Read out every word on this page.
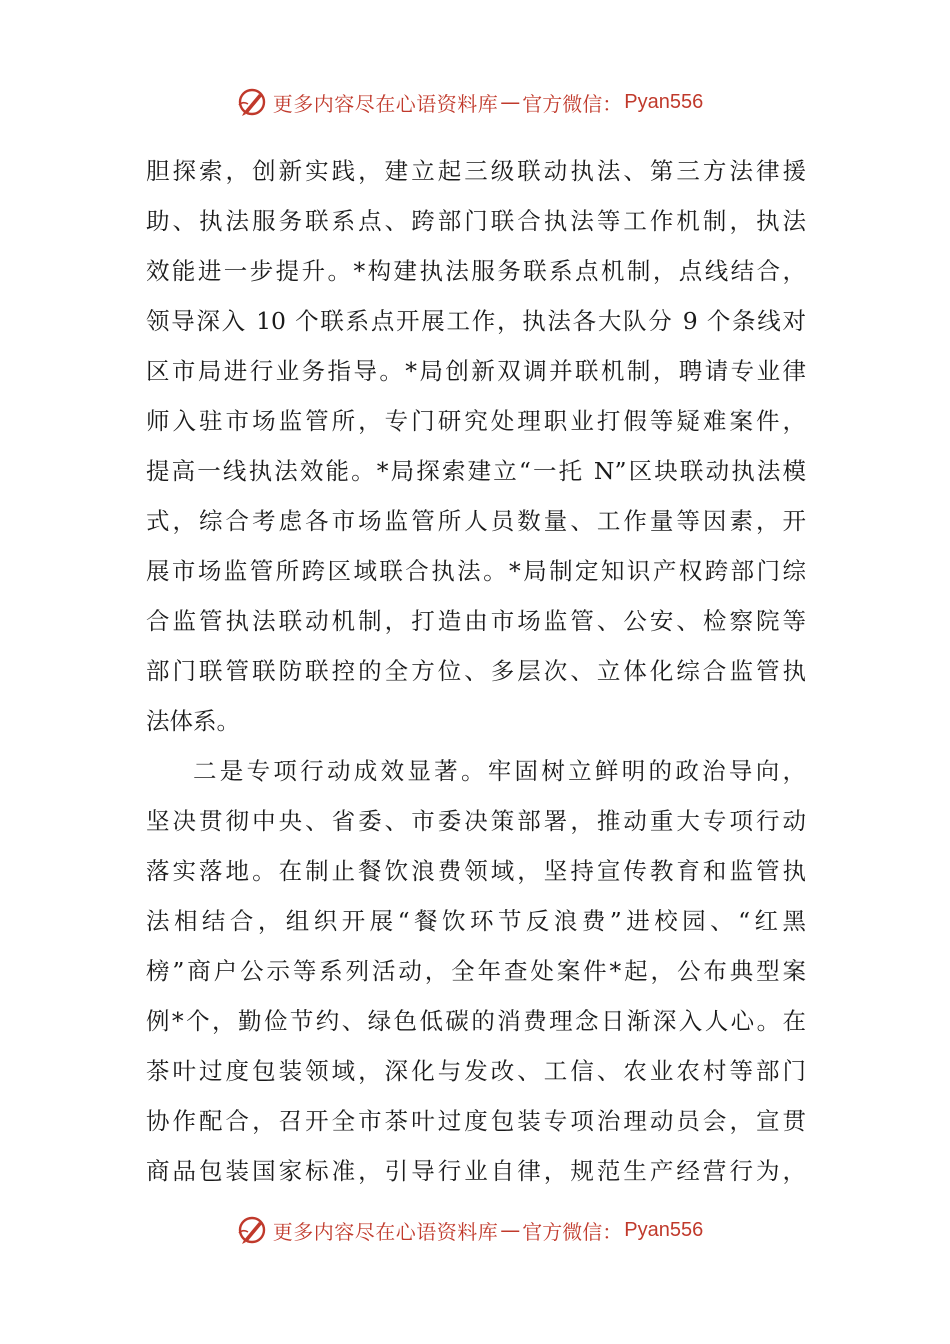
更多内容尽在心语资料库 — 官方微信： Pyan556
胆探索，创新实践，建立起三级联动执法、第三方法律援
助、执法服务联系点、跨部门联合执法等工作机制，执法
效能进一步提升。*构建执法服务联系点机制，点线结合，
领导深入 10 个联系点开展工作，执法各大队分 9 个条线对
区市局进行业务指导。*局创新双调并联机制，聘请专业律
师入驻市场监管所，专门研究处理职业打假等疑难案件，
提高一线执法效能。*局探索建立“一托 N”区块联动执法模
式，综合考虑各市场监管所人员数量、工作量等因素，开
展市场监管所跨区域联合执法。*局制定知识产权跨部门综
合监管执法联动机制，打造由市场监管、公安、检察院等
部门联管联防联控的全方位、多层次、立体化综合监管执
法体系。
二是专项行动成效显著。牢固树立鲜明的政治导向，
坚决贯彻中央、省委、市委决策部署，推动重大专项行动
落实落地。在制止餐饮浪费领域，坚持宣传教育和监管执
法相结合，组织开展“餐饮环节反浪费”进校园、“红黑
榜”商户公示等系列活动，全年查处案件*起，公布典型案
例*个，勤俭节约、绿色低碳的消费理念日渐深入人心。在
茶叶过度包装领域，深化与发改、工信、农业农村等部门
协作配合，召开全市茶叶过度包装专项治理动员会，宣贯
商品包装国家标准，引导行业自律，规范生产经营行为，
更多内容尽在心语资料库 — 官方微信： Pyan556
